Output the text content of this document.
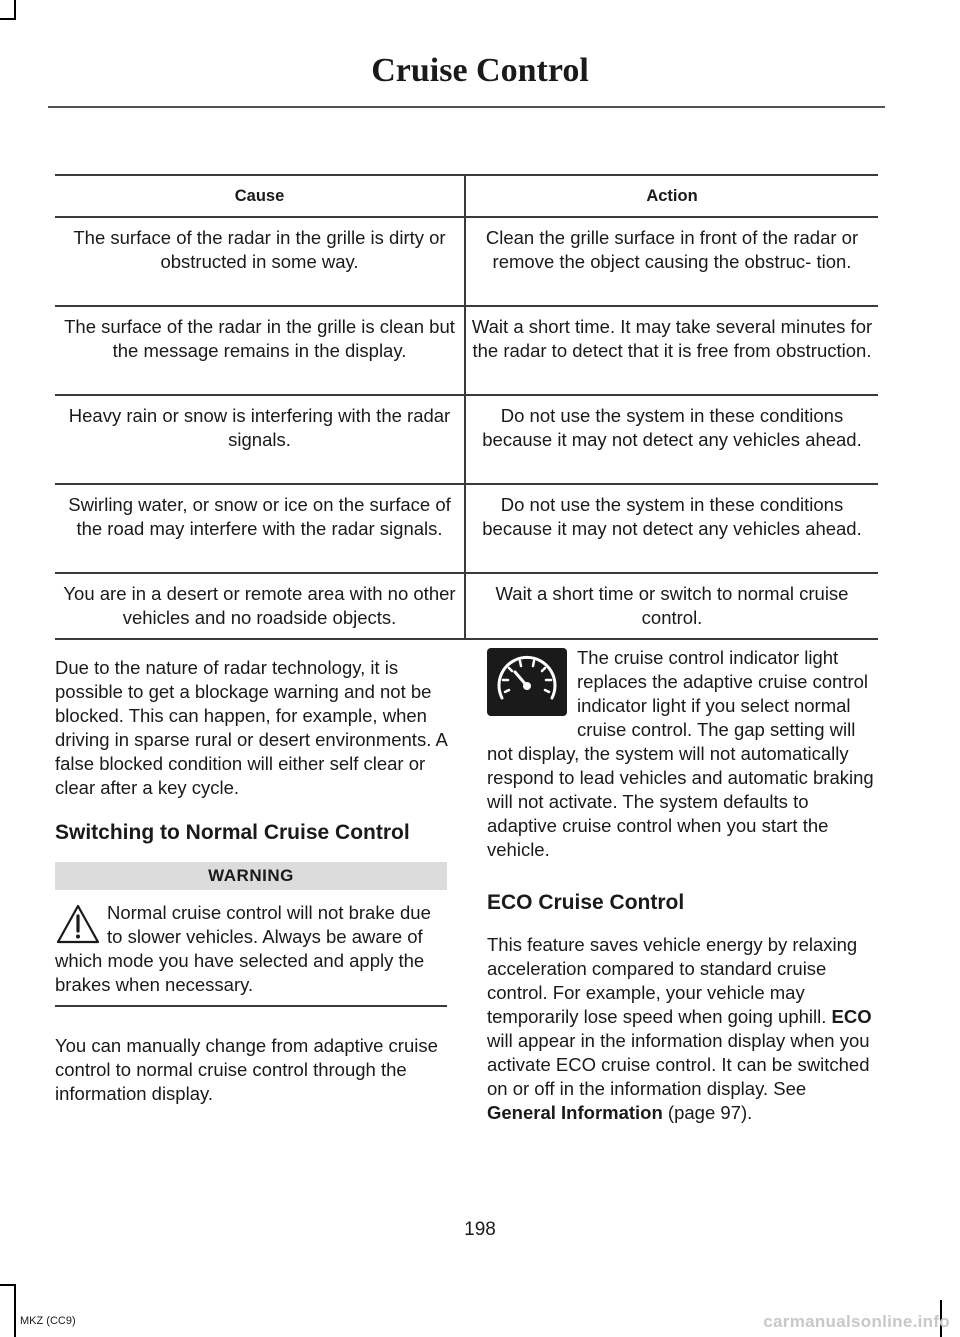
Cruise Control
Cause	Action
The surface of the radar in the grille is dirty or obstructed in some way.	Clean the grille surface in front of the radar or remove the object causing the obstruc- tion.
The surface of the radar in the grille is clean but the message remains in the display.	Wait a short time. It may take several minutes for the radar to detect that it is free from obstruction.
Heavy rain or snow is interfering with the radar signals.	Do not use the system in these conditions because it may not detect any vehicles ahead.
Swirling water, or snow or ice on the surface of the road may interfere with the radar signals.	Do not use the system in these conditions because it may not detect any vehicles ahead.
You are in a desert or remote area with no other vehicles and no roadside objects.	Wait a short time or switch to normal cruise control.

Due to the nature of radar technology, it is possible to get a blockage warning and not be blocked. This can happen, for example, when driving in sparse rural or desert environments. A false blocked condition will either self clear or clear after a key cycle.

Switching to Normal Cruise Control
WARNING

Normal cruise control will not brake due to slower vehicles. Always be aware of which mode you have selected and apply the brakes when necessary.

You can manually change from adaptive cruise control to normal cruise control through the information display.

The cruise control indicator light replaces the adaptive cruise control indicator light if you select normal cruise control. The gap setting will not display, the system will not automatically respond to lead vehicles and automatic braking will not activate. The system defaults to adaptive cruise control when you start the vehicle.

ECO Cruise Control

This feature saves vehicle energy by relaxing acceleration compared to standard cruise control. For example, your vehicle may temporarily lose speed when going uphill. ECO will appear in the information display when you activate ECO cruise control. It can be switched on or off in the information display. See General Information (page 97).

198
MKZ (CC9)	carmanualsonline.info
